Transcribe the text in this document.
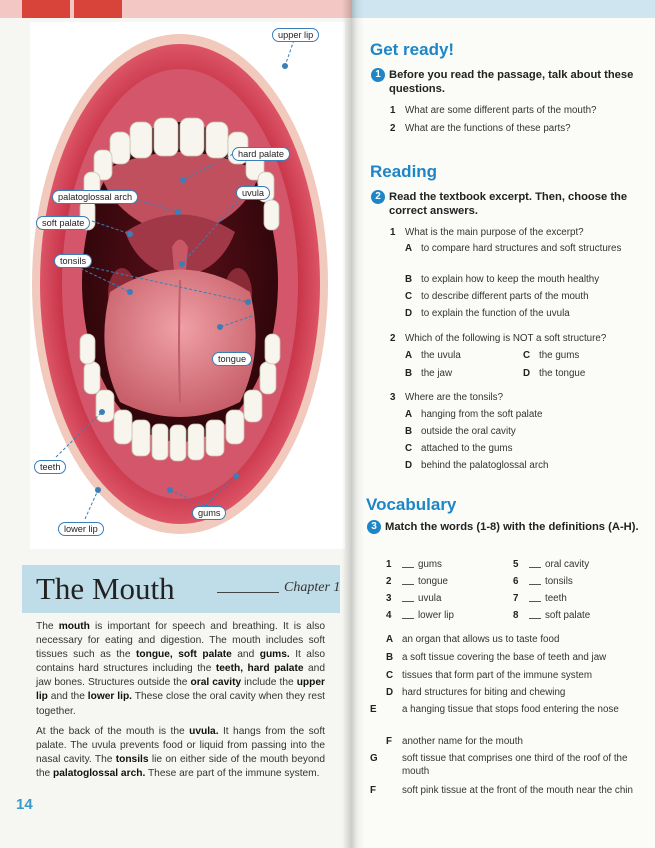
upper lip
hard palate
uvula
palatoglossal arch
soft palate
tonsils
tongue
teeth
gums
lower lip
The Mouth	Chapter 1

The mouth is important for speech and breathing. It is also necessary for eating and digestion. The mouth includes soft tissues such as the tongue, soft palate and gums. It also contains hard structures including the teeth, hard palate and jaw bones. Structures outside the oral cavity include the upper lip and the lower lip. These close the oral cavity when they rest together.

At the back of the mouth is the uvula. It hangs from the soft palate. The uvula prevents food or liquid from passing into the nasal cavity. The tonsils lie on either side of the mouth beyond the palatoglossal arch. These are part of the immune system.

14
Get ready!
1 Before you read the passage, talk about these questions.
1 What are some different parts of the mouth?
2 What are the functions of these parts?
Reading
2 Read the textbook excerpt. Then, choose the correct answers.
1 What is the main purpose of the excerpt?
A to compare hard structures and soft structures
B to explain how to keep the mouth healthy
C to describe different parts of the mouth
D to explain the function of the uvula
2 Which of the following is NOT a soft structure?
A the uvula	C the gums
B the jaw	D the tongue
3 Where are the tonsils?
A hanging from the soft palate
B outside the oral cavity
C attached to the gums
D behind the palatoglossal arch
Vocabulary
3 Match the words (1-8) with the definitions (A-H).
1	gums
2	tongue
3	uvula
4	lower lip
5	oral cavity
6	tonsils
7	teeth
8	soft palate
A an organ that allows us to taste food
B a soft tissue covering the base of teeth and jaw
C tissues that form part of the immune system
D hard structures for biting and chewing
E	a hanging tissue that stops food entering the nose
F another name for the mouth
G soft tissue that comprises one third of the roof of the mouth
F	soft pink tissue at the front of the mouth near the chin
